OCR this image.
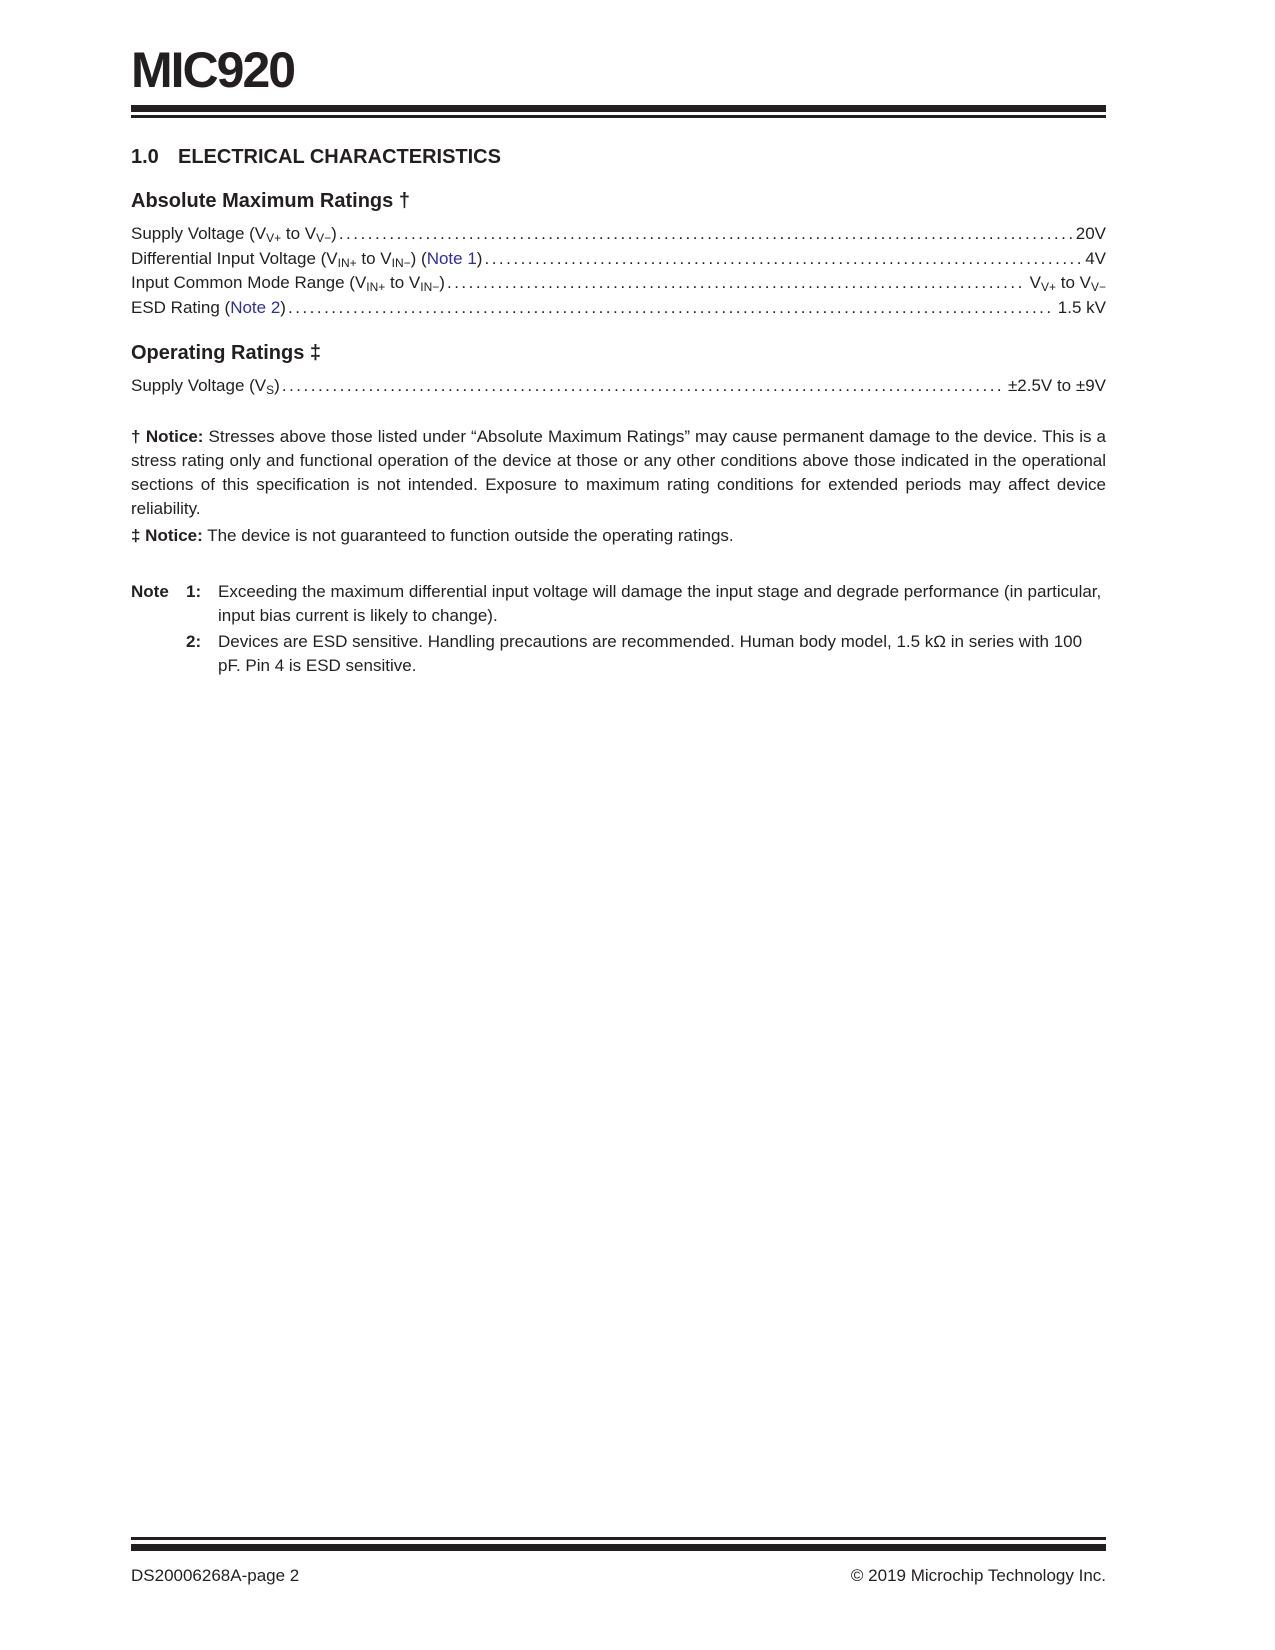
MIC920
1.0 ELECTRICAL CHARACTERISTICS
Absolute Maximum Ratings †
Supply Voltage ($V_{V+}$ to $V_{V-}$) .....	20V
Differential Input Voltage ($V_{IN+}$ to $V_{IN-}$) (Note 1) .....	4V
Input Common Mode Range ($V_{IN+}$ to $V_{IN-}$) .....	$V_{V+}$ to $V_{V-}$
ESD Rating (Note 2) .....	1.5 kV
Operating Ratings ‡
Supply Voltage $(V_S)$ .....	±2.5V to ±9V

† Notice: Stresses above those listed under “Absolute Maximum Ratings” may cause permanent damage to the device. This is a stress rating only and functional operation of the device at those or any other conditions above those indicated in the operational sections of this specification is not intended. Exposure to maximum rating conditions for extended periods may affect device reliability.

‡ Notice: The device is not guaranteed to function outside the operating ratings.

Note	1: Exceeding the maximum differential input voltage will damage the input stage and degrade performance (in particular, input bias current is likely to change).
2: Devices are ESD sensitive. Handling precautions are recommended. Human body model, 1.5 kΩ in series with 100 pF. Pin 4 is ESD sensitive.
DS20006268A-page 2	© 2019 Microchip Technology Inc.
